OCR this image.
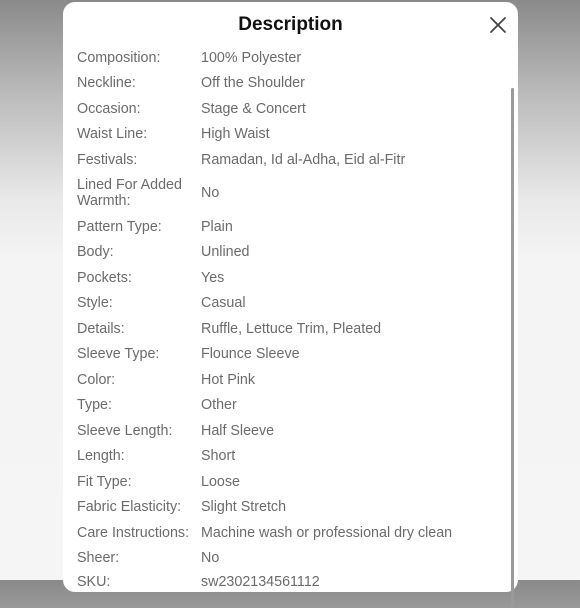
Description
Composition:	100% Polyester
Neckline:	Off the Shoulder
Occasion:	Stage & Concert
Waist Line:	High Waist
Festivals:	Ramadan, Id al-Adha, Eid al-Fitr
Lined For Added Warmth:	No
Pattern Type:	Plain
Body:	Unlined
Pockets:	Yes
Style:	Casual
Details:	Ruffle, Lettuce Trim, Pleated
Sleeve Type:	Flounce Sleeve
Color:	Hot Pink
Type:	Other
Sleeve Length:	Half Sleeve
Length:	Short
Fit Type:	Loose
Fabric Elasticity:	Slight Stretch
Care Instructions: Machine wash or professional dry clean
Sheer:	No
SKU:	sw2302134561112
